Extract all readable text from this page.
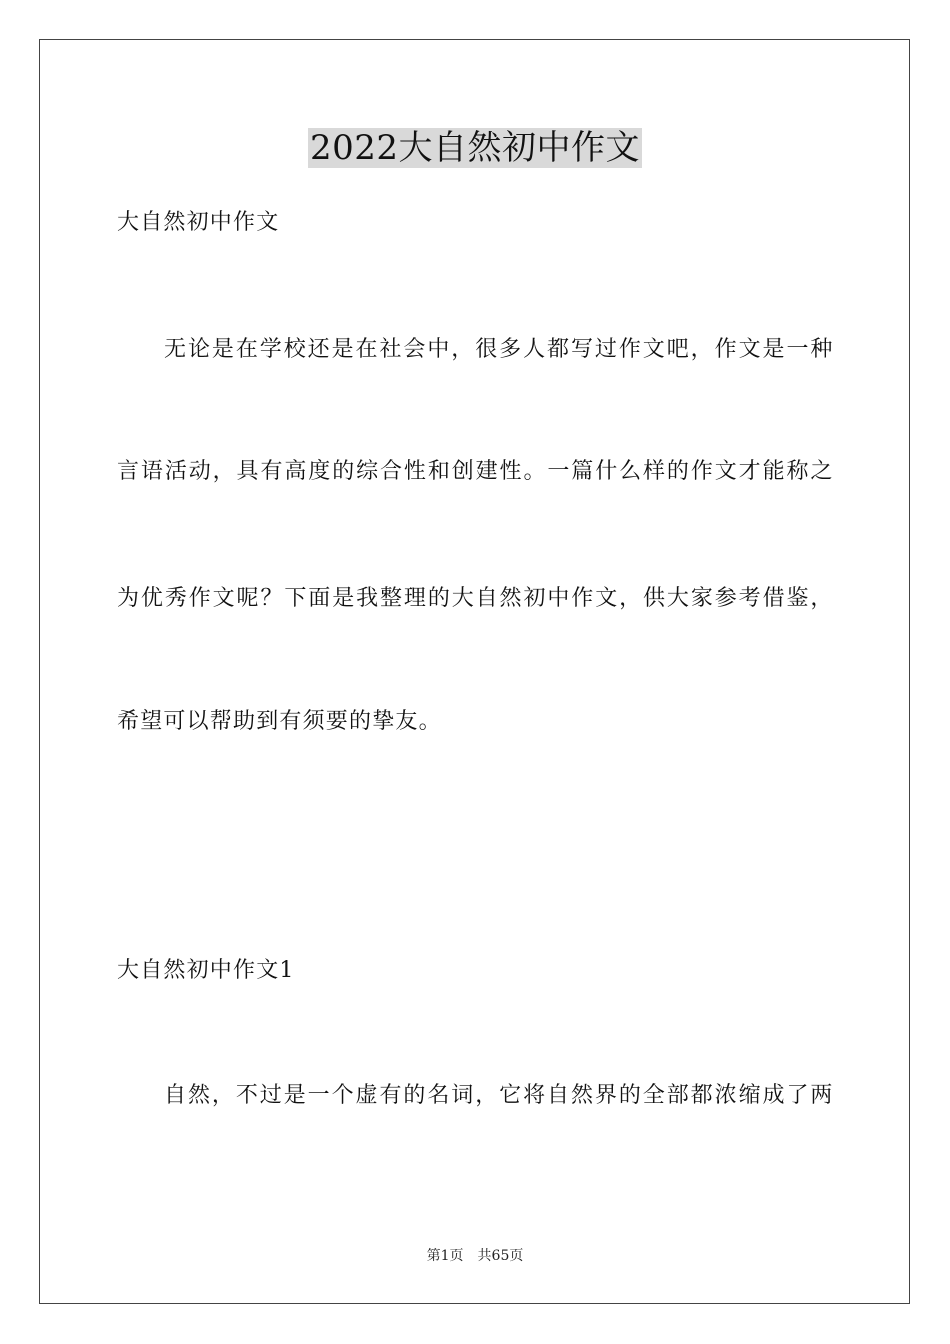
2022大自然初中作文
大自然初中作文
无论是在学校还是在社会中，很多人都写过作文吧，作文是一种
言语活动，具有高度的综合性和创建性。一篇什么样的作文才能称之
为优秀作文呢？下面是我整理的大自然初中作文，供大家参考借鉴，
希望可以帮助到有须要的挚友。
大自然初中作文1
自然，不过是一个虚有的名词，它将自然界的全部都浓缩成了两
第1页 共65页
